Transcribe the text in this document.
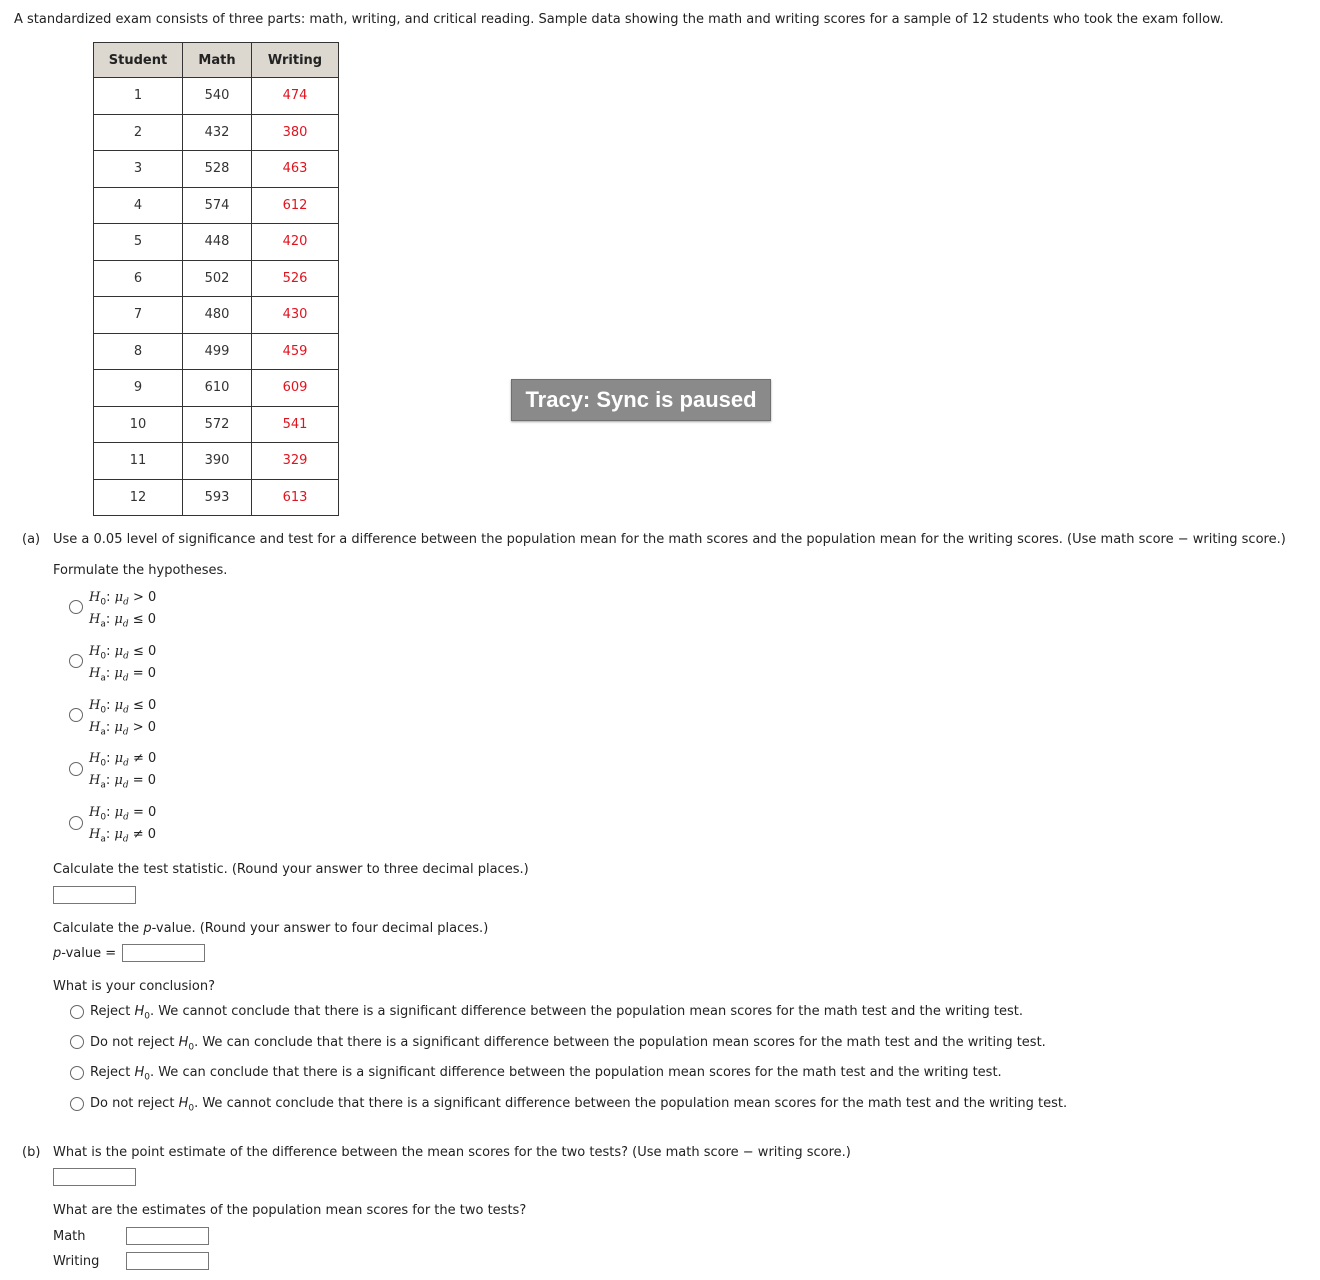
A standardized exam consists of three parts: math, writing, and critical reading. Sample data showing the math and writing scores for a sample of 12 students who took the exam follow.
Student	Math	Writing
1	540	474
2	432	380
3	528	463
4	574	612
5	448	420
6	502	526
7	480	430
8	499	459
9	610	609
10	572	541
11	390	329
12	593	613
Tracy: Sync is paused
(a) Use a 0.05 level of significance and test for a difference between the population mean for the math scores and the population mean for the writing scores. (Use math score − writing score.)
Formulate the hypotheses.
$H_0$: $\mu_d > 0$
$H_a$: $\mu_d \le 0$
$H_0$: $\mu_d \le 0$
$H_a$: $\mu_d = 0$
$H_0$: $\mu_d \le 0$
$H_a$: $\mu_d > 0$
$H_0$: $\mu_d \ne 0$
$H_a$: $\mu_d = 0$
$H_0$: $\mu_d = 0$
$H_a$: $\mu_d \ne 0$
Calculate the test statistic. (Round your answer to three decimal places.)
Calculate the p-value. (Round your answer to four decimal places.)
p-value =
What is your conclusion?
Reject $H_0$. We cannot conclude that there is a significant difference between the population mean scores for the math test and the writing test.
Do not reject $H_0$. We can conclude that there is a significant difference between the population mean scores for the math test and the writing test.
Reject $H_0$. We can conclude that there is a significant difference between the population mean scores for the math test and the writing test.
Do not reject $H_0$. We cannot conclude that there is a significant difference between the population mean scores for the math test and the writing test.
(b) What is the point estimate of the difference between the mean scores for the two tests? (Use math score − writing score.)
What are the estimates of the population mean scores for the two tests?
Math
Writing
